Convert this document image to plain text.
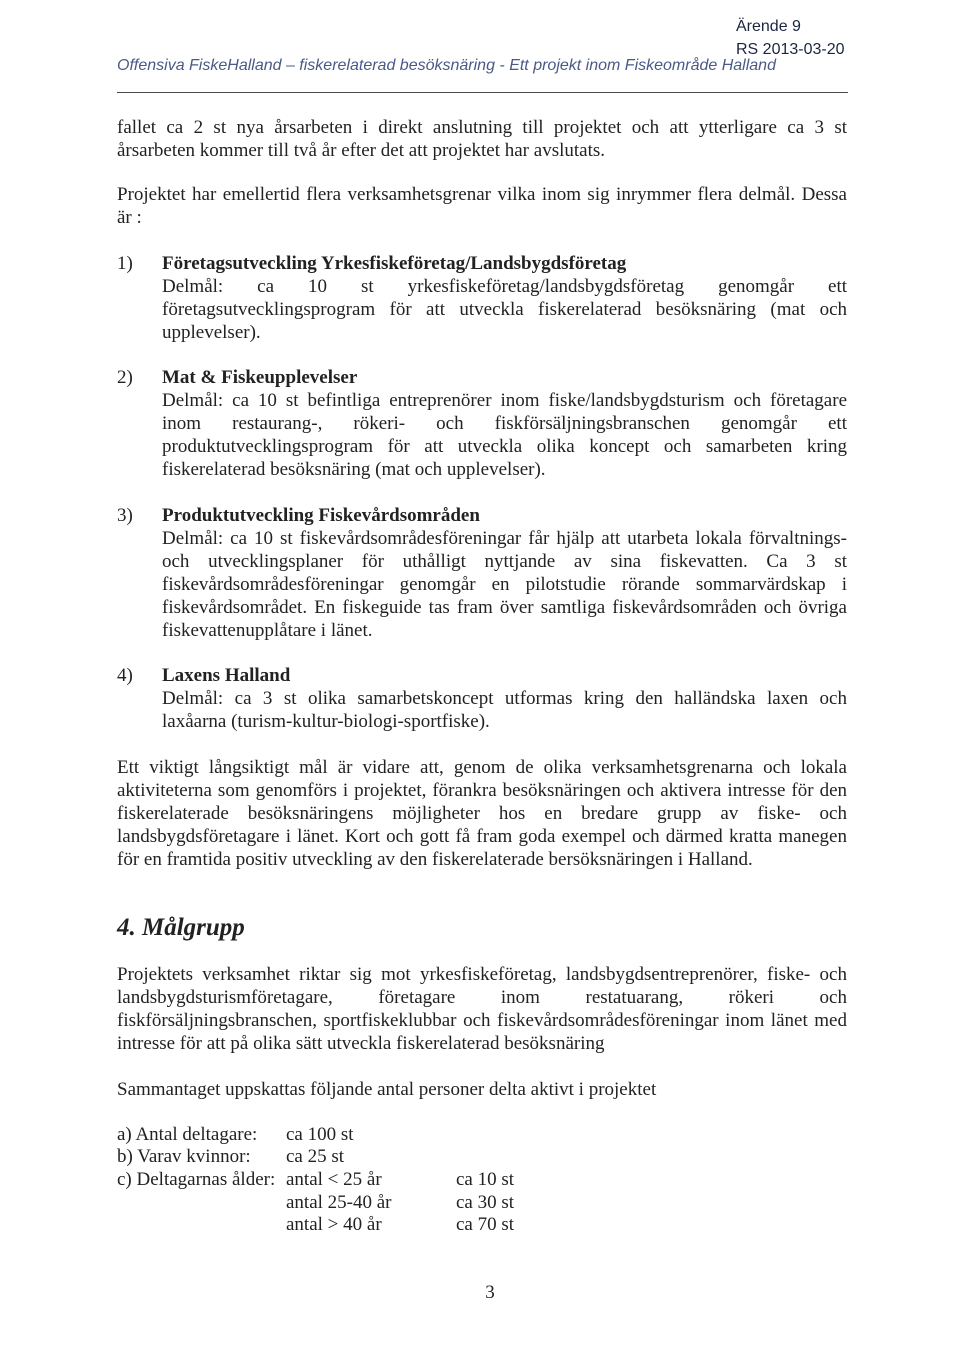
Ärende 9
RS 2013-03-20
Offensiva FiskeHalland – fiskerelaterad besöksnäring - Ett projekt inom Fiskeområde Halland
fallet ca 2 st nya årsarbeten i direkt anslutning till projektet och att ytterligare ca 3 st
årsarbeten kommer till två år efter det att projektet har avslutats.
Projektet har emellertid flera verksamhetsgrenar vilka inom sig inrymmer flera delmål. Dessa
är :
1)	Företagsutveckling Yrkesfiskeföretag/Landsbygdsföretag
Delmål: ca 10 st yrkesfiskeföretag/landsbygdsföretag genomgår ett
företagsutvecklingsprogram för att utveckla fiskerelaterad besöksnäring (mat och
upplevelser).
2)	Mat & Fiskeupplevelser
Delmål: ca 10 st befintliga entreprenörer inom fiske/landsbygdsturism och företagare
inom restaurang-, rökeri- och fiskförsäljningsbranschen genomgår ett
produktutvecklingsprogram för att utveckla olika koncept och samarbeten kring
fiskerelaterad besöksnäring (mat och upplevelser).
3)	Produktutveckling Fiskevårdsområden
Delmål: ca 10 st fiskevårdsområdesföreningar får hjälp att utarbeta lokala förvaltnings-
och utvecklingsplaner för uthålligt nyttjande av sina fiskevatten. Ca 3 st
fiskevårdsområdesföreningar genomgår en pilotstudie rörande sommarvärdskap i
fiskevårdsområdet. En fiskeguide tas fram över samtliga fiskevårdsområden och övriga
fiskevattenupplåtare i länet.
4)	Laxens Halland
Delmål: ca 3 st olika samarbetskoncept utformas kring den halländska laxen och
laxåarna (turism-kultur-biologi-sportfiske).
Ett viktigt långsiktigt mål är vidare att, genom de olika verksamhetsgrenarna och lokala
aktiviteterna som genomförs i projektet, förankra besöksnäringen och aktivera intresse för den
fiskerelaterade besöksnäringens möjligheter hos en bredare grupp av fiske- och
landsbygdsföretagare i länet. Kort och gott få fram goda exempel och därmed kratta manegen
för en framtida positiv utveckling av den fiskerelaterade bersöksnäringen i Halland.
4. Målgrupp
Projektets verksamhet riktar sig mot yrkesfiskeföretag, landsbygdsentreprenörer, fiske- och
landsbygdsturismföretagare, företagare inom restatuarang, rökeri och
fiskförsäljningsbranschen, sportfiskeklubbar och fiskevårdsområdesföreningar inom länet med
intresse för att på olika sätt utveckla fiskerelaterad besöksnäring
Sammantaget uppskattas följande antal personer delta aktivt i projektet
a) Antal deltagare: ca 100 st
b) Varav kvinnor: ca 25 st
c) Deltagarnas ålder: antal < 25 år	ca 10 st
antal 25-40 år	ca 30 st
antal > 40 år	ca 70 st
3
